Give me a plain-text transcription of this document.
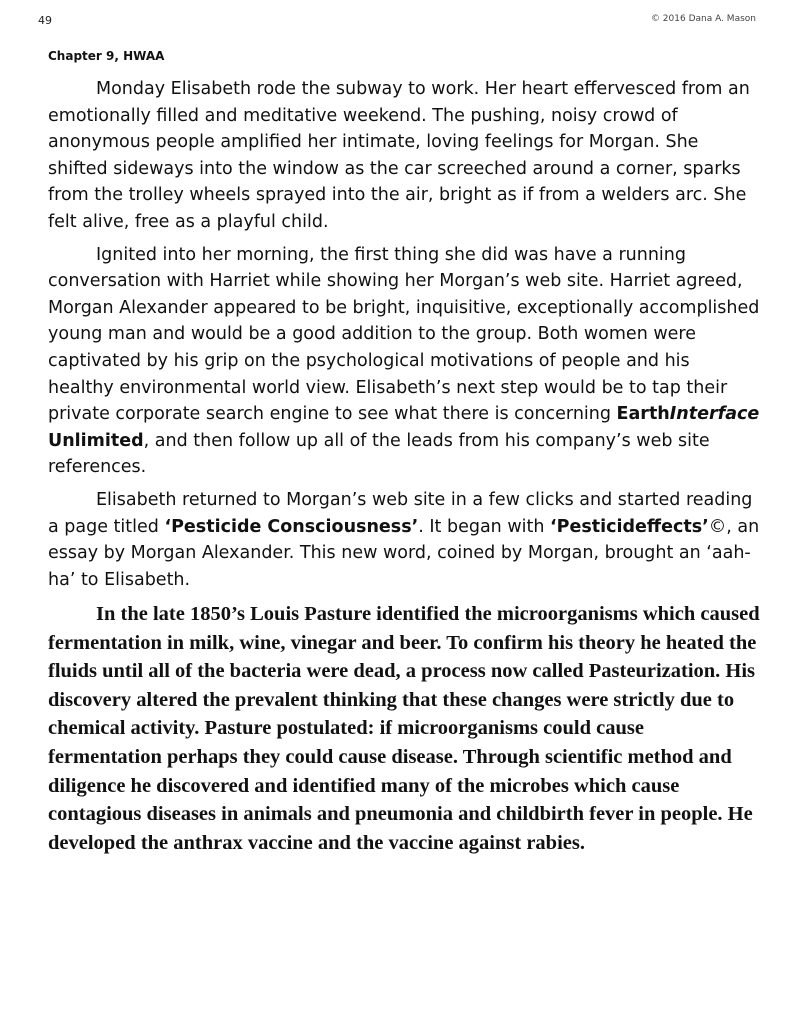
49	© 2016 Dana A. Mason
Chapter 9, HWAA

Monday Elisabeth rode the subway to work. Her heart effervesced from an emotionally filled and meditative weekend. The pushing, noisy crowd of anonymous people amplified her intimate, loving feelings for Morgan. She shifted sideways into the window as the car screeched around a corner, sparks from the trolley wheels sprayed into the air, bright as if from a welders arc. She felt alive, free as a playful child.

Ignited into her morning, the first thing she did was have a running conversation with Harriet while showing her Morgan’s web site. Harriet agreed, Morgan Alexander appeared to be bright, inquisitive, exceptionally accomplished young man and would be a good addition to the group. Both women were captivated by his grip on the psychological motivations of people and his healthy environmental world view. Elisabeth’s next step would be to tap their private corporate search engine to see what there is concerning EarthInterface Unlimited, and then follow up all of the leads from his company’s web site references.

Elisabeth returned to Morgan’s web site in a few clicks and started reading a page titled ‘Pesticide Consciousness’. It began with ‘Pesticideffects’©, an essay by Morgan Alexander. This new word, coined by Morgan, brought an ‘aah-ha’ to Elisabeth.

In the late 1850’s Louis Pasture identified the microorganisms which caused fermentation in milk, wine, vinegar and beer. To confirm his theory he heated the fluids until all of the bacteria were dead, a process now called Pasteurization. His discovery altered the prevalent thinking that these changes were strictly due to chemical activity. Pasture postulated: if microorganisms could cause fermentation perhaps they could cause disease. Through scientific method and diligence he discovered and identified many of the microbes which cause contagious diseases in animals and pneumonia and childbirth fever in people. He developed the anthrax vaccine and the vaccine against rabies.
